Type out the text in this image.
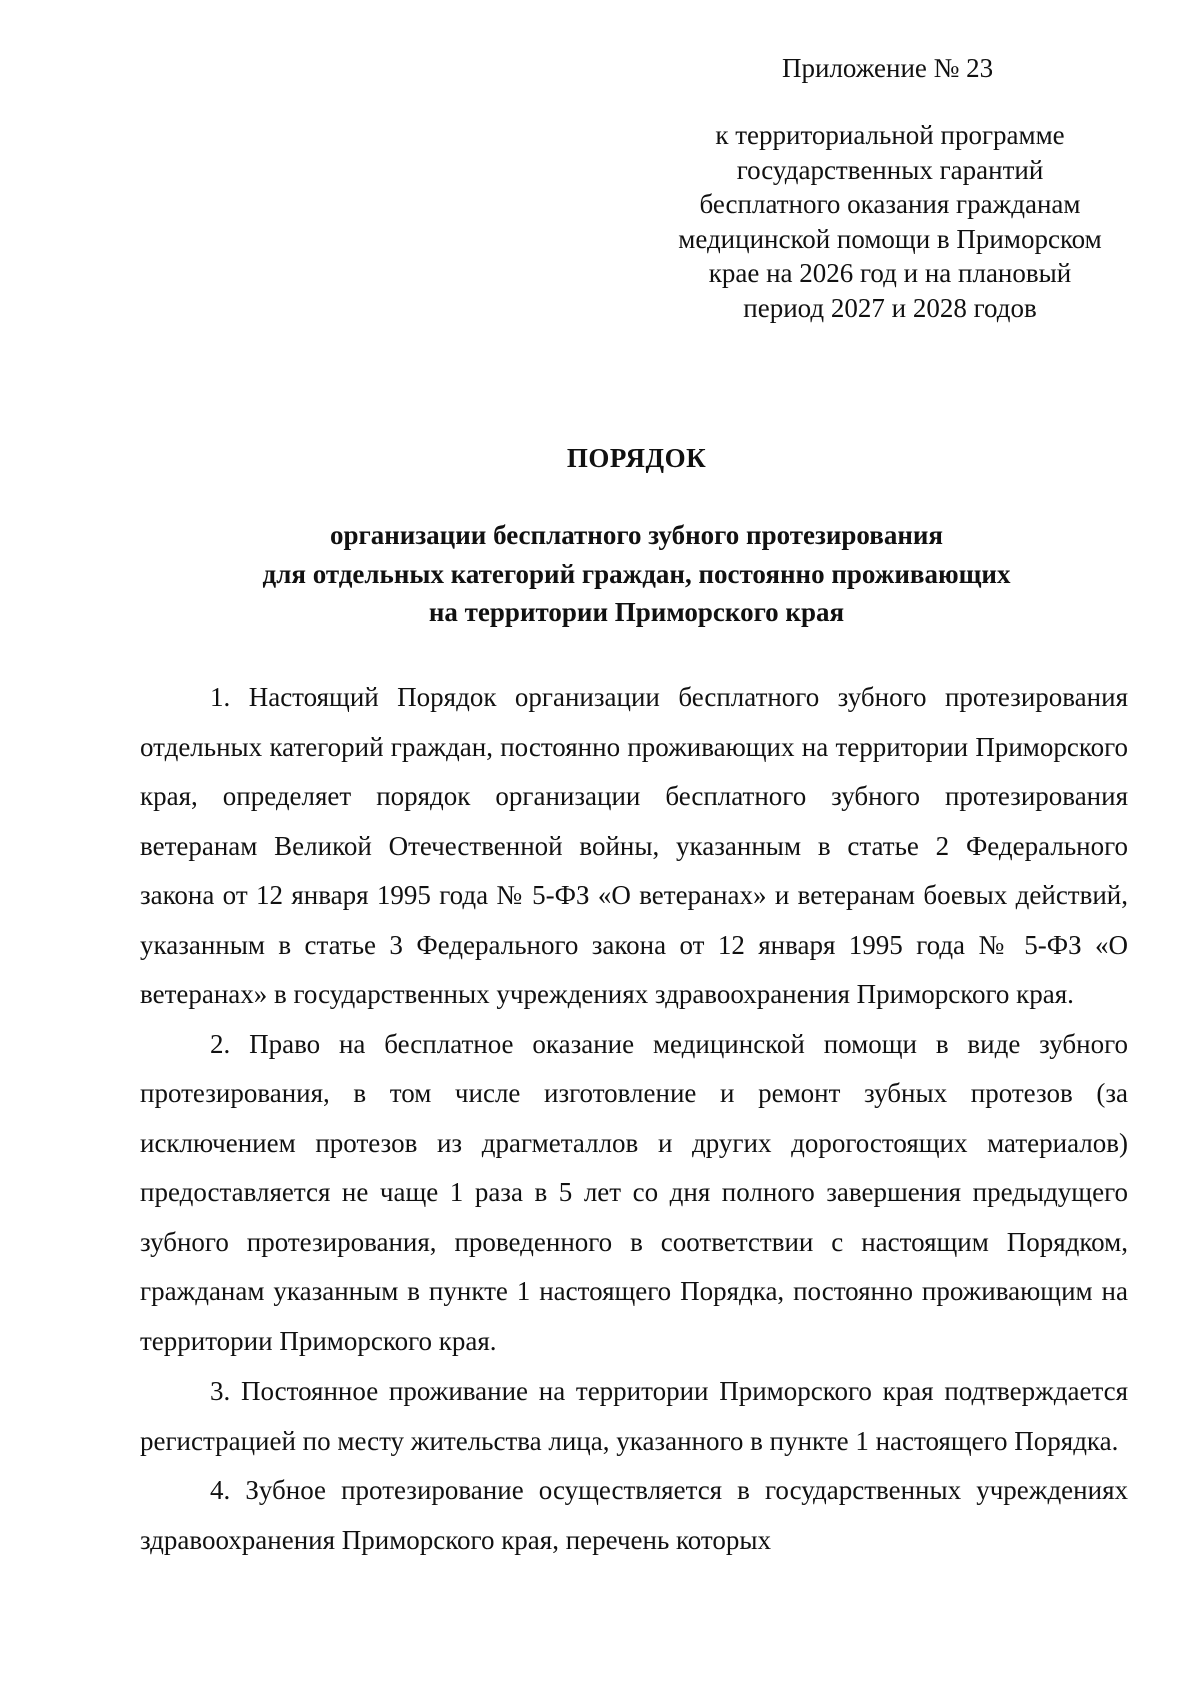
Приложение № 23
к территориальной программе
государственных гарантий
бесплатного оказания гражданам
медицинской помощи в Приморском
крае на 2026 год и на плановый
период 2027 и 2028 годов
ПОРЯДОК
организации бесплатного зубного протезирования
для отдельных категорий граждан, постоянно проживающих
на территории Приморского края

1. Настоящий Порядок организации бесплатного зубного протезирования отдельных категорий граждан, постоянно проживающих на территории Приморского края, определяет порядок организации бесплатного зубного протезирования ветеранам Великой Отечественной войны, указанным в статье 2 Федерального закона от 12 января 1995 года № 5-ФЗ «О ветеранах» и ветеранам боевых действий, указанным в статье 3 Федерального закона от 12 января 1995 года № 5-ФЗ «О ветеранах» в государственных учреждениях здравоохранения Приморского края.

2. Право на бесплатное оказание медицинской помощи в виде зубного протезирования, в том числе изготовление и ремонт зубных протезов (за исключением протезов из драгметаллов и других дорогостоящих материалов) предоставляется не чаще 1 раза в 5 лет со дня полного завершения предыдущего зубного протезирования, проведенного в соответствии с настоящим Порядком, гражданам указанным в пункте 1 настоящего Порядка, постоянно проживающим на территории Приморского края.

3. Постоянное проживание на территории Приморского края подтверждается регистрацией по месту жительства лица, указанного в пункте 1 настоящего Порядка.

4. Зубное протезирование осуществляется в государственных учреждениях здравоохранения Приморского края, перечень которых
